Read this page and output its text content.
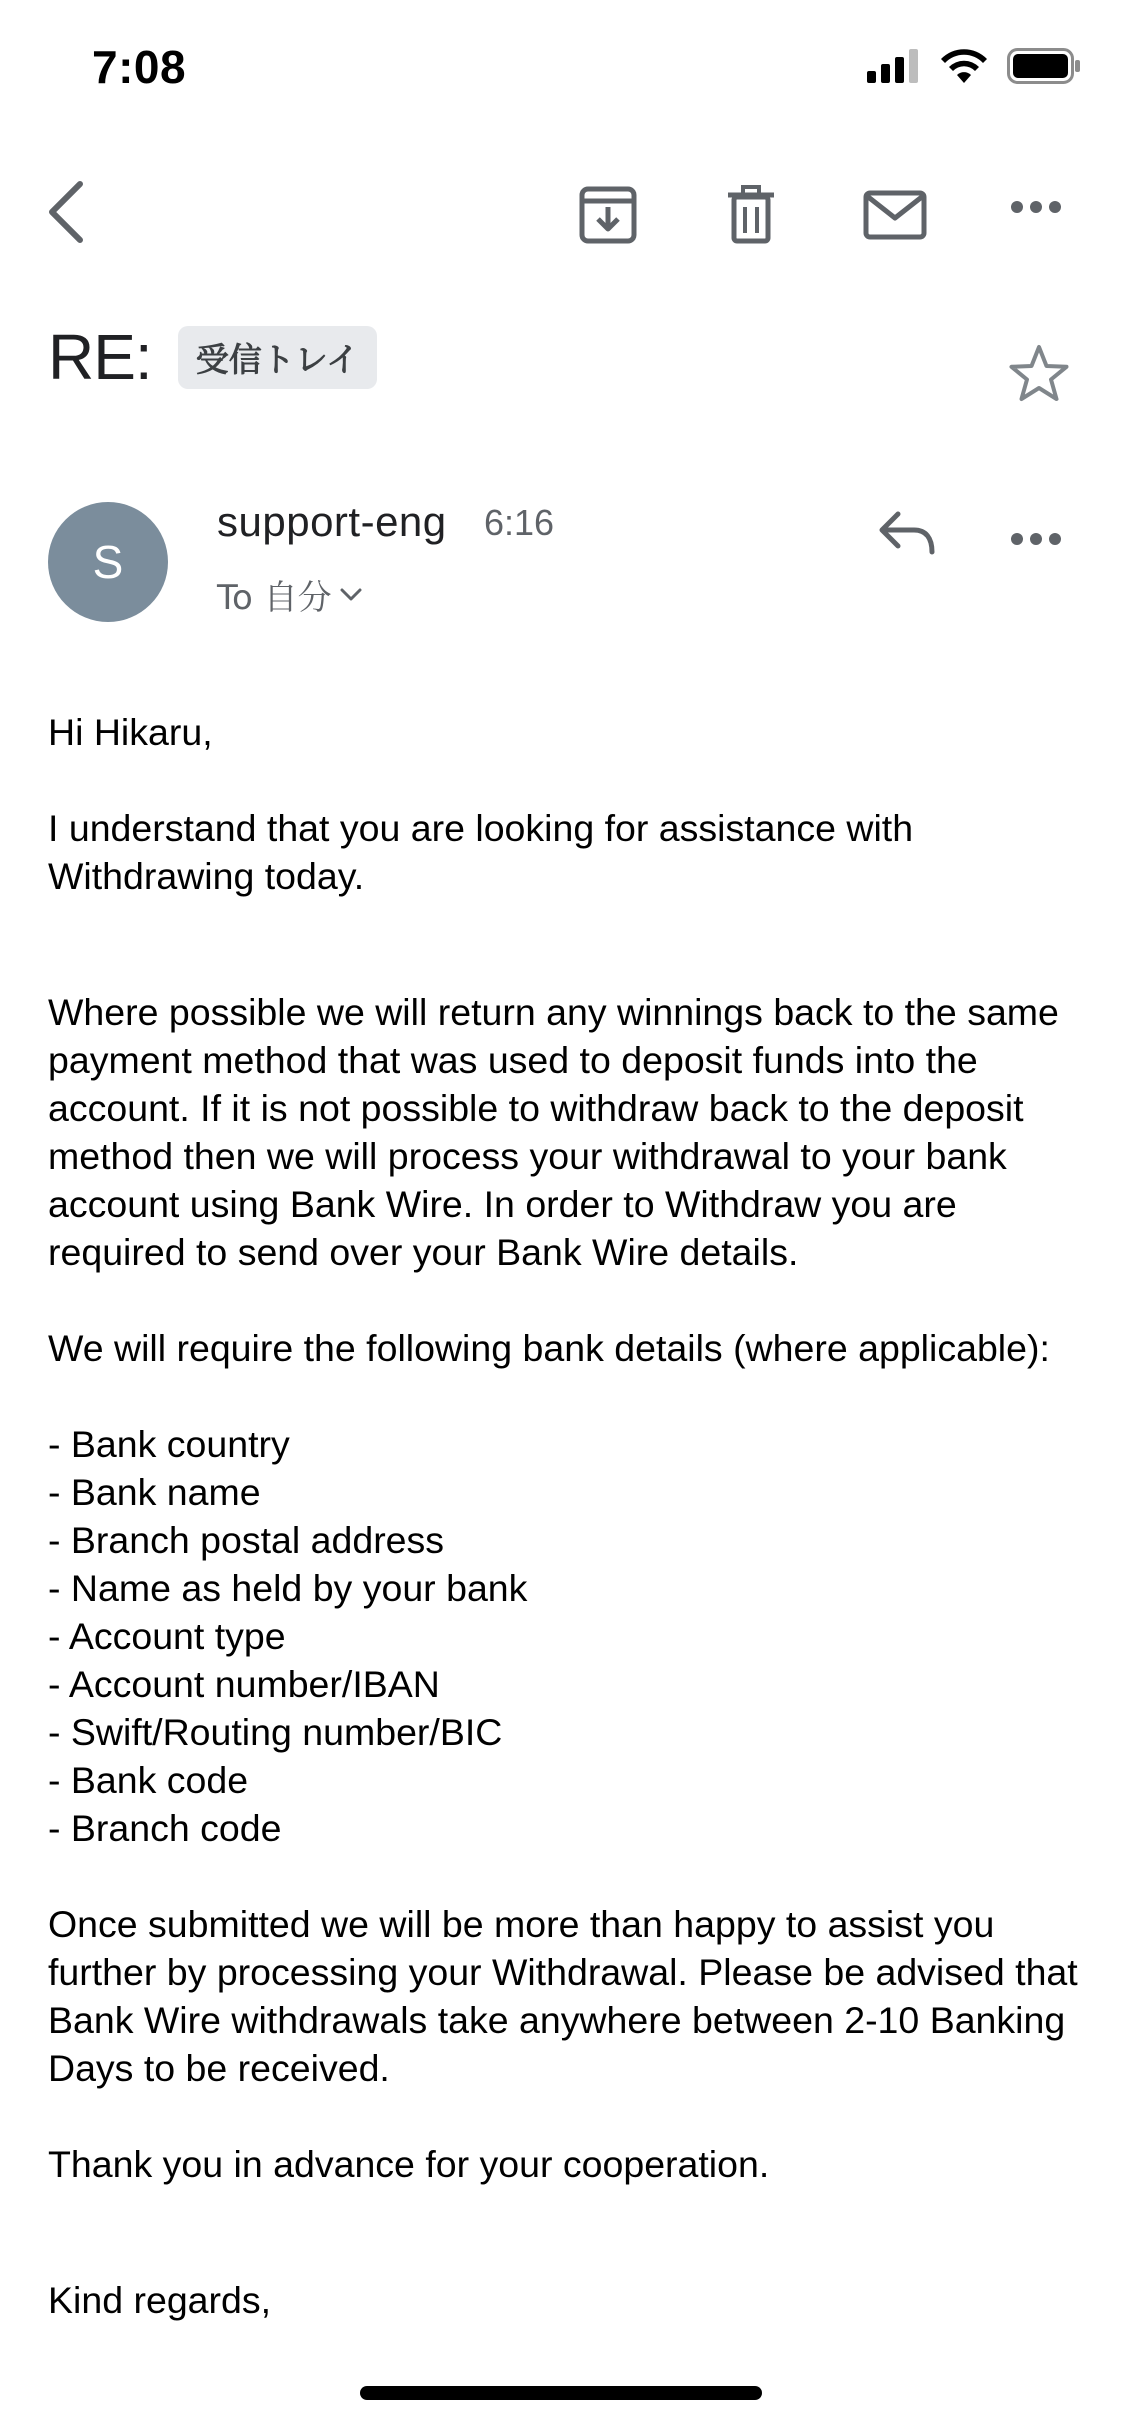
7:08
RE:	受信トレイ
S
support-eng 6:16
To 自分

Hi Hikaru,

I understand that you are looking for assistance with Withdrawing today.

Where possible we will return any winnings back to the same payment method that was used to deposit funds into the account. If it is not possible to withdraw back to the deposit method then we will process your withdrawal to your bank account using Bank Wire. In order to Withdraw you are required to send over your Bank Wire details.

We will require the following bank details (where applicable):

- Bank country

- Bank name

- Branch postal address

- Name as held by your bank

- Account type

- Account number/IBAN

- Swift/Routing number/BIC

- Bank code

- Branch code

Once submitted we will be more than happy to assist you further by processing your Withdrawal. Please be advised that Bank Wire withdrawals take anywhere between 2-10 Banking Days to be received.

Thank you in advance for your cooperation.

Kind regards,
